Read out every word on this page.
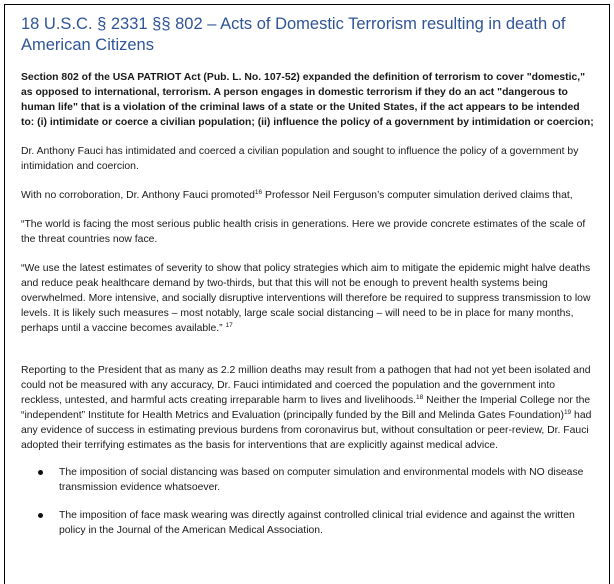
18 U.S.C. § 2331 §§ 802 – Acts of Domestic Terrorism resulting in death of American Citizens

Section 802 of the USA PATRIOT Act (Pub. L. No. 107-52) expanded the definition of terrorism to cover "domestic," as opposed to international, terrorism. A person engages in domestic terrorism if they do an act "dangerous to human life" that is a violation of the criminal laws of a state or the United States, if the act appears to be intended to: (i) intimidate or coerce a civilian population; (ii) influence the policy of a government by intimidation or coercion;

Dr. Anthony Fauci has intimidated and coerced a civilian population and sought to influence the policy of a government by intimidation and coercion.

With no corroboration, Dr. Anthony Fauci promoted$^{16}$ Professor Neil Ferguson’s computer simulation derived claims that,

“The world is facing the most serious public health crisis in generations. Here we provide concrete estimates of the scale of the threat countries now face.

“We use the latest estimates of severity to show that policy strategies which aim to mitigate the epidemic might halve deaths and reduce peak healthcare demand by two-thirds, but that this will not be enough to prevent health systems being overwhelmed. More intensive, and socially disruptive interventions will therefore be required to suppress transmission to low levels. It is likely such measures – most notably, large scale social distancing – will need to be in place for many months, perhaps until a vaccine becomes available.” $^{17}$

Reporting to the President that as many as 2.2 million deaths may result from a pathogen that had not yet been isolated and could not be measured with any accuracy, Dr. Fauci intimidated and coerced the population and the government into reckless, untested, and harmful acts creating irreparable harm to lives and livelihoods.$^{18}$ Neither the Imperial College nor the “independent” Institute for Health Metrics and Evaluation (principally funded by the Bill and Melinda Gates Foundation)$^{19}$ had any evidence of success in estimating previous burdens from coronavirus but, without consultation or peer-review, Dr. Fauci adopted their terrifying estimates as the basis for interventions that are explicitly against medical advice.

The imposition of social distancing was based on computer simulation and environmental models with NO disease transmission evidence whatsoever.
The imposition of face mask wearing was directly against controlled clinical trial evidence and against the written policy in the Journal of the American Medical Association.
